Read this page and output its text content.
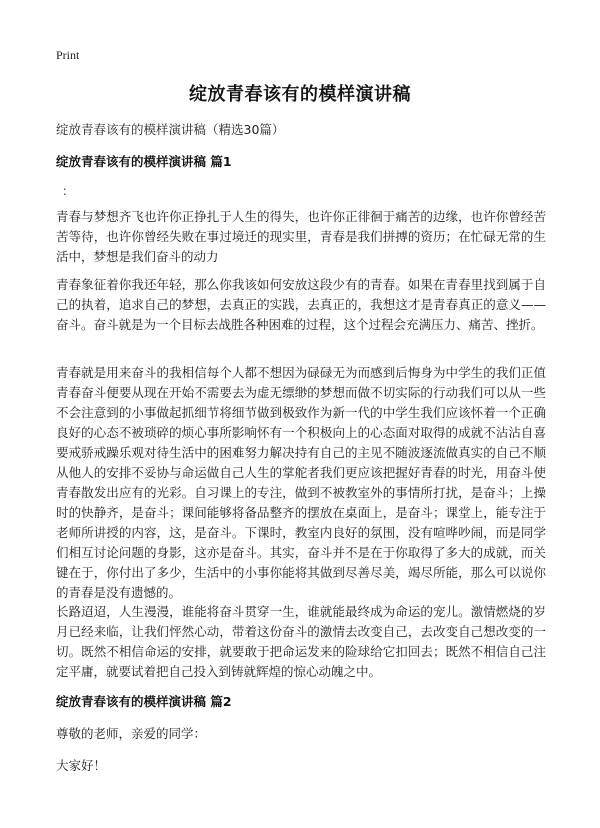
Print
绽放青春该有的模样演讲稿
绽放青春该有的模样演讲稿（精选30篇）
绽放青春该有的模样演讲稿 篇1
：
青春与梦想齐飞也许你正挣扎于人生的得失，也许你正徘徊于痛苦的边缘，也许你曾经苦苦等待，也许你曾经失败在事过境迁的现实里，青春是我们拼搏的资历；在忙碌无常的生活中，梦想是我们奋斗的动力
青春象征着你我还年轻，那么你我该如何安放这段少有的青春。如果在青春里找到属于自己的执着，追求自己的梦想，去真正的实践，去真正的，我想这才是青春真正的意义——奋斗。奋斗就是为一个目标去战胜各种困难的过程，这个过程会充满压力、痛苦、挫折。
青春就是用来奋斗的我相信每个人都不想因为碌碌无为而感到后悔身为中学生的我们正值青春奋斗便要从现在开始不需要去为虚无缥缈的梦想而做不切实际的行动我们可以从一些不会注意到的小事做起抓细节将细节做到极致作为新一代的中学生我们应该怀着一个正确良好的心态不被琐碎的烦心事所影响怀有一个积极向上的心态面对取得的成就不沾沾自喜要戒骄戒躁乐观对待生活中的困难努力解决持有自己的主见不随波逐流做真实的自己不顺从他人的安排不妥协与命运做自己人生的掌舵者我们更应该把握好青春的时光，用奋斗使青春散发出应有的光彩。自习课上的专注，做到不被教室外的事情所打扰，是奋斗；上操时的快静齐，是奋斗；课间能够将备品整齐的摆放在桌面上，是奋斗；课堂上，能专注于老师所讲授的内容，这，是奋斗。下课时，教室内良好的氛围，没有喧哗吵闹，而是同学们相互讨论问题的身影，这亦是奋斗。其实，奋斗并不是在于你取得了多大的成就，而关键在于，你付出了多少，生活中的小事你能将其做到尽善尽美，竭尽所能，那么可以说你的青春是没有遗憾的。
长路迢迢，人生漫漫，谁能将奋斗贯穿一生，谁就能最终成为命运的宠儿。激情燃烧的岁月已经来临，让我们怦然心动，带着这份奋斗的激情去改变自己，去改变自己想改变的一切。既然不相信命运的安排，就要敢于把命运发来的险球给它扣回去；既然不相信自己注定平庸，就要试着把自己投入到铸就辉煌的惊心动魄之中。
绽放青春该有的模样演讲稿 篇2
尊敬的老师，亲爱的同学：
大家好！
